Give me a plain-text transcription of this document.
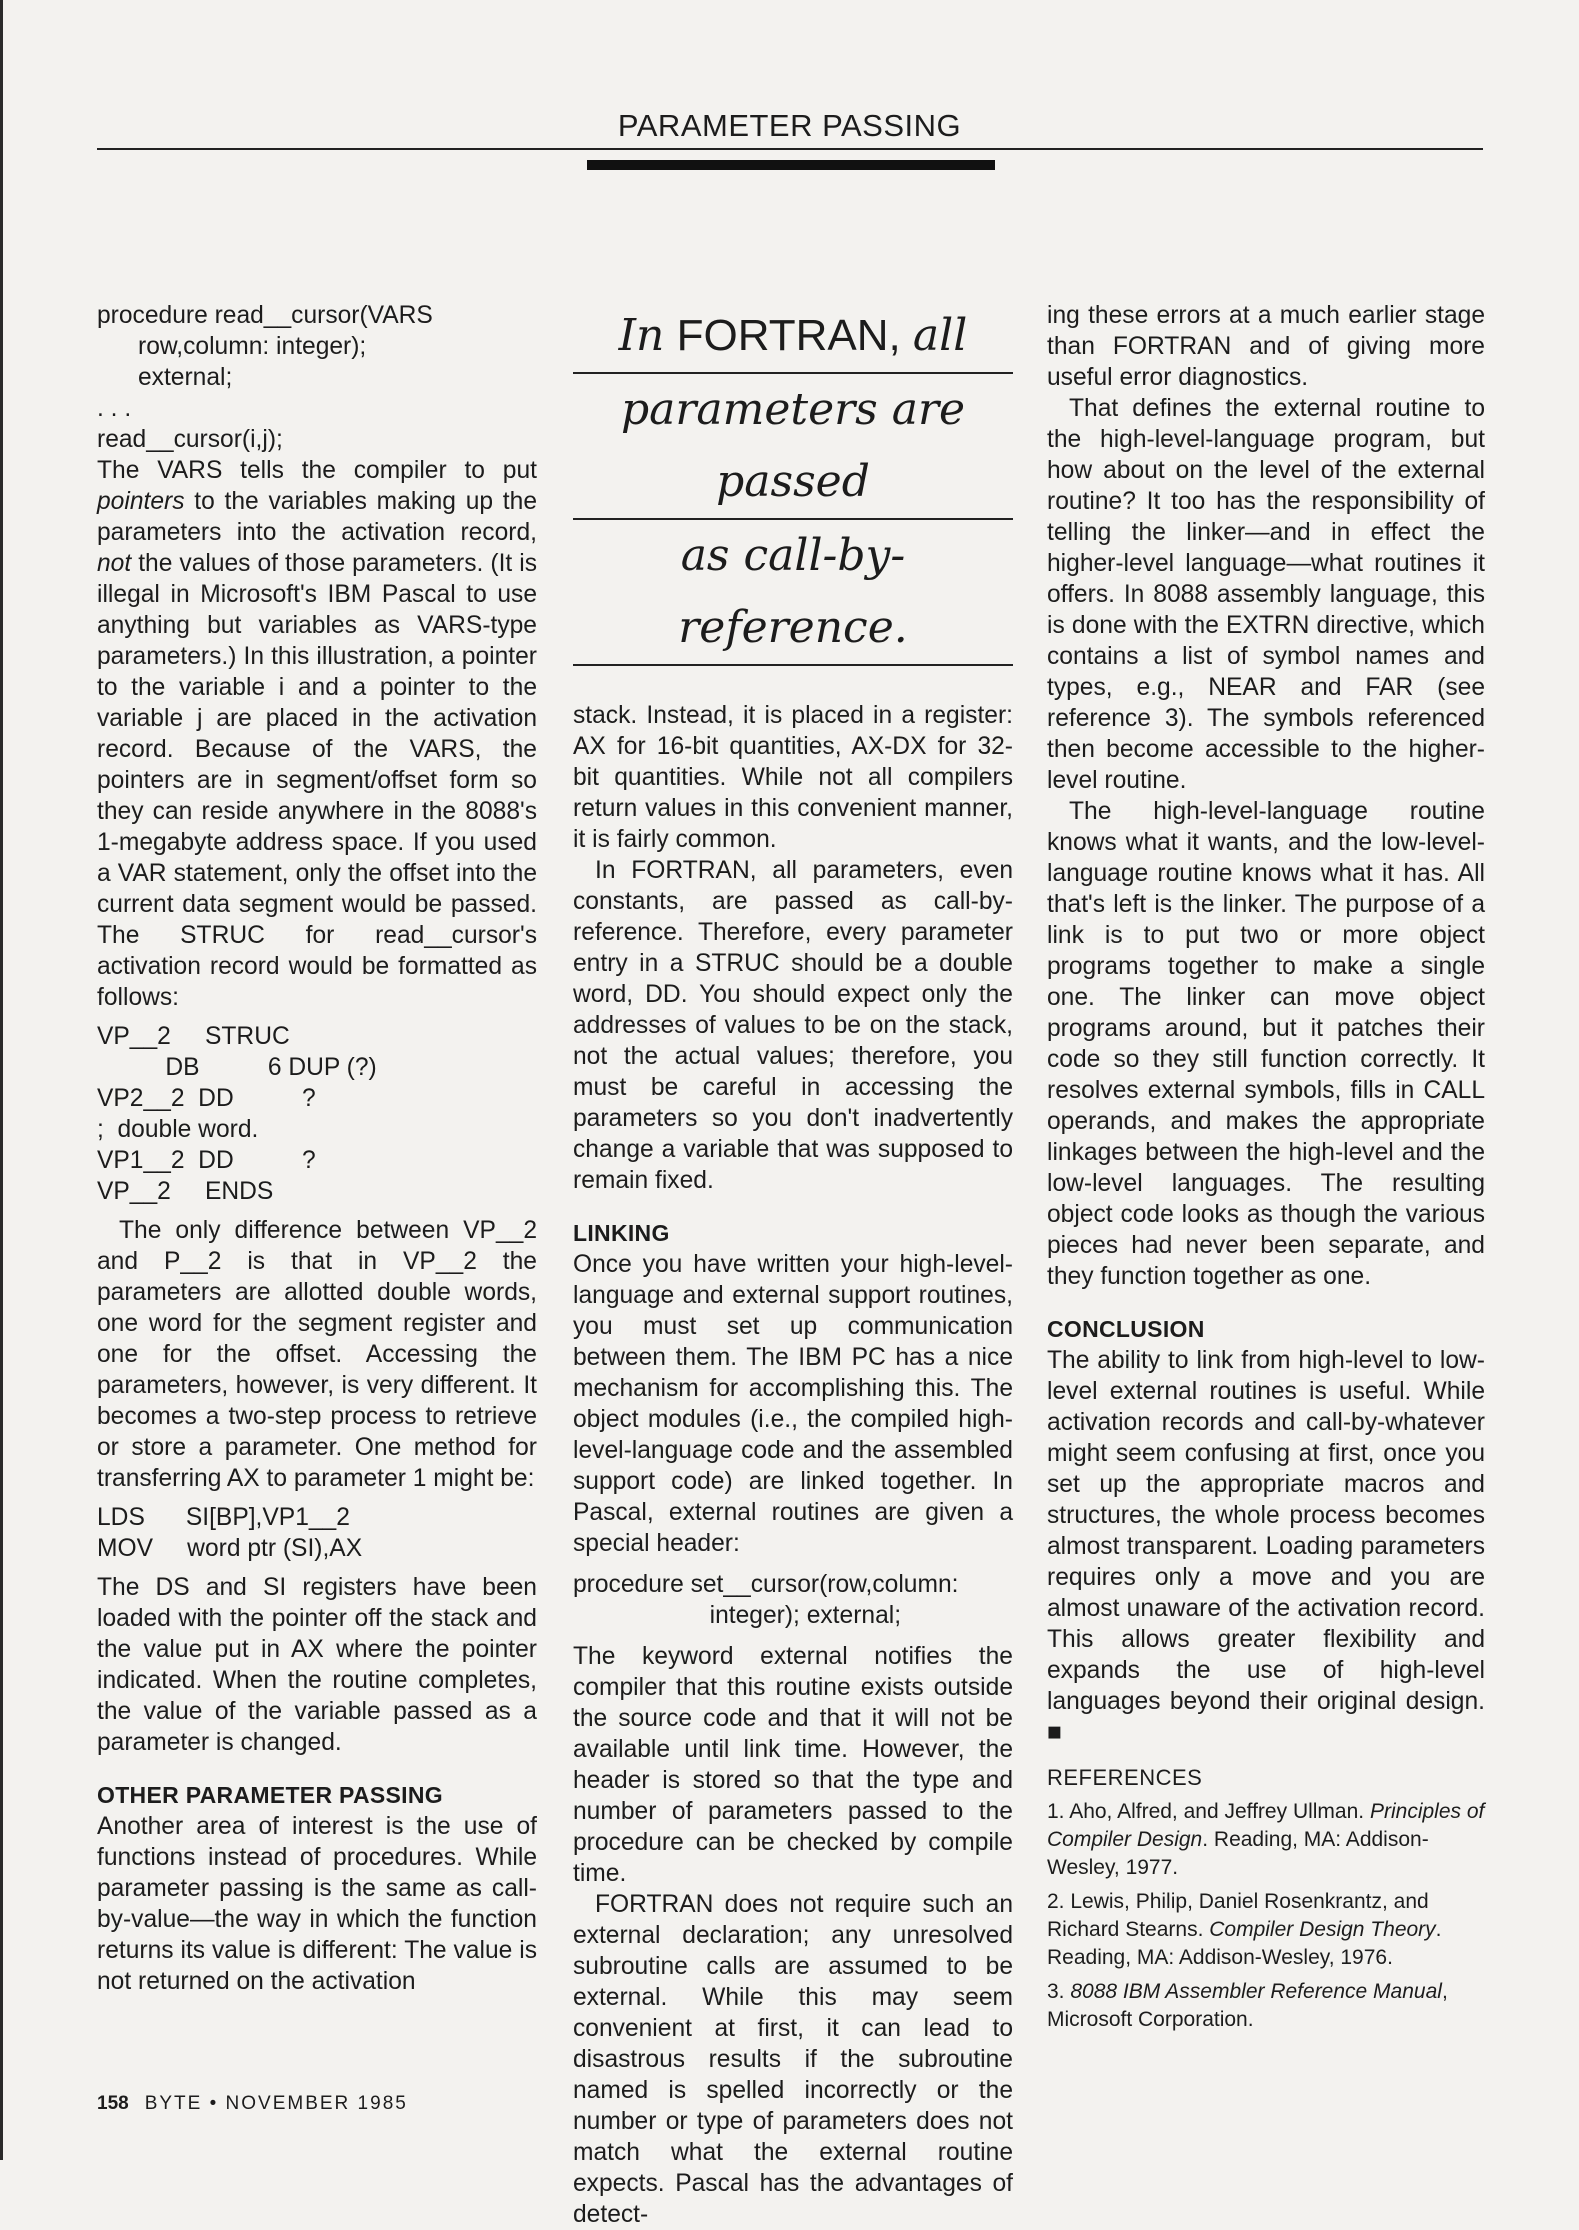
PARAMETER PASSING
procedure read__cursor(VARS
row,column: integer);
external;
. . .
read__cursor(i,j);

The VARS tells the compiler to put pointers to the variables making up the parameters into the activation record, not the values of those parameters. (It is illegal in Microsoft's IBM Pascal to use anything but variables as VARS-type parameters.) In this illustration, a pointer to the variable i and a pointer to the variable j are placed in the activation record. Because of the VARS, the pointers are in segment/offset form so they can reside anywhere in the 8088's 1-megabyte address space. If you used a VAR statement, only the offset into the current data segment would be passed. The STRUC for read__cursor's activation record would be formatted as follows:

VP__2     STRUC
DB          6 DUP (?)
VP2__2  DD          ?
;  double word.
VP1__2  DD          ?
VP__2     ENDS

The only difference between VP__2 and P__2 is that in VP__2 the parameters are allotted double words, one word for the segment register and one for the offset. Accessing the parameters, however, is very different. It becomes a two-step process to retrieve or store a parameter. One method for transferring AX to parameter 1 might be:

LDS      SI[BP],VP1__2
MOV     word ptr (SI),AX

The DS and SI registers have been loaded with the pointer off the stack and the value put in AX where the pointer indicated. When the routine completes, the value of the variable passed as a parameter is changed.

OTHER PARAMETER PASSING

Another area of interest is the use of functions instead of procedures. While parameter passing is the same as call-by-value—the way in which the function returns its value is different: The value is not returned on the activation

In FORTRAN, all
parameters are passed
as call-by-reference.

stack. Instead, it is placed in a register: AX for 16-bit quantities, AX-DX for 32-bit quantities. While not all compilers return values in this convenient manner, it is fairly common.

In FORTRAN, all parameters, even constants, are passed as call-by-reference. Therefore, every parameter entry in a STRUC should be a double word, DD. You should expect only the addresses of values to be on the stack, not the actual values; therefore, you must be careful in accessing the parameters so you don't inadvertently change a variable that was supposed to remain fixed.

LINKING

Once you have written your high-level-language and external support routines, you must set up communication between them. The IBM PC has a nice mechanism for accomplishing this. The object modules (i.e., the compiled high-level-language code and the assembled support code) are linked together. In Pascal, external routines are given a special header:

procedure set__cursor(row,column:
integer); external;

The keyword external notifies the compiler that this routine exists outside the source code and that it will not be available until link time. However, the header is stored so that the type and number of parameters passed to the procedure can be checked by compile time.

FORTRAN does not require such an external declaration; any unresolved subroutine calls are assumed to be external. While this may seem convenient at first, it can lead to disastrous results if the subroutine named is spelled incorrectly or the number or type of parameters does not match what the external routine expects. Pascal has the advantages of detect-

ing these errors at a much earlier stage than FORTRAN and of giving more useful error diagnostics.

That defines the external routine to the high-level-language program, but how about on the level of the external routine? It too has the responsibility of telling the linker—and in effect the higher-level language—what routines it offers. In 8088 assembly language, this is done with the EXTRN directive, which contains a list of symbol names and types, e.g., NEAR and FAR (see reference 3). The symbols referenced then become accessible to the higher-level routine.

The high-level-language routine knows what it wants, and the low-level-language routine knows what it has. All that's left is the linker. The purpose of a link is to put two or more object programs together to make a single one. The linker can move object programs around, but it patches their code so they still function correctly. It resolves external symbols, fills in CALL operands, and makes the appropriate linkages between the high-level and the low-level languages. The resulting object code looks as though the various pieces had never been separate, and they function together as one.

CONCLUSION

The ability to link from high-level to low-level external routines is useful. While activation records and call-by-whatever might seem confusing at first, once you set up the appropriate macros and structures, the whole process becomes almost transparent. Loading parameters requires only a move and you are almost unaware of the activation record. This allows greater flexibility and expands the use of high-level languages beyond their original design. ■

REFERENCES
1. Aho, Alfred, and Jeffrey Ullman. Principles of Compiler Design. Reading, MA: Addison-Wesley, 1977.
2. Lewis, Philip, Daniel Rosenkrantz, and Richard Stearns. Compiler Design Theory. Reading, MA: Addison-Wesley, 1976.
3. 8088 IBM Assembler Reference Manual, Microsoft Corporation.
158 BYTE • NOVEMBER 1985
